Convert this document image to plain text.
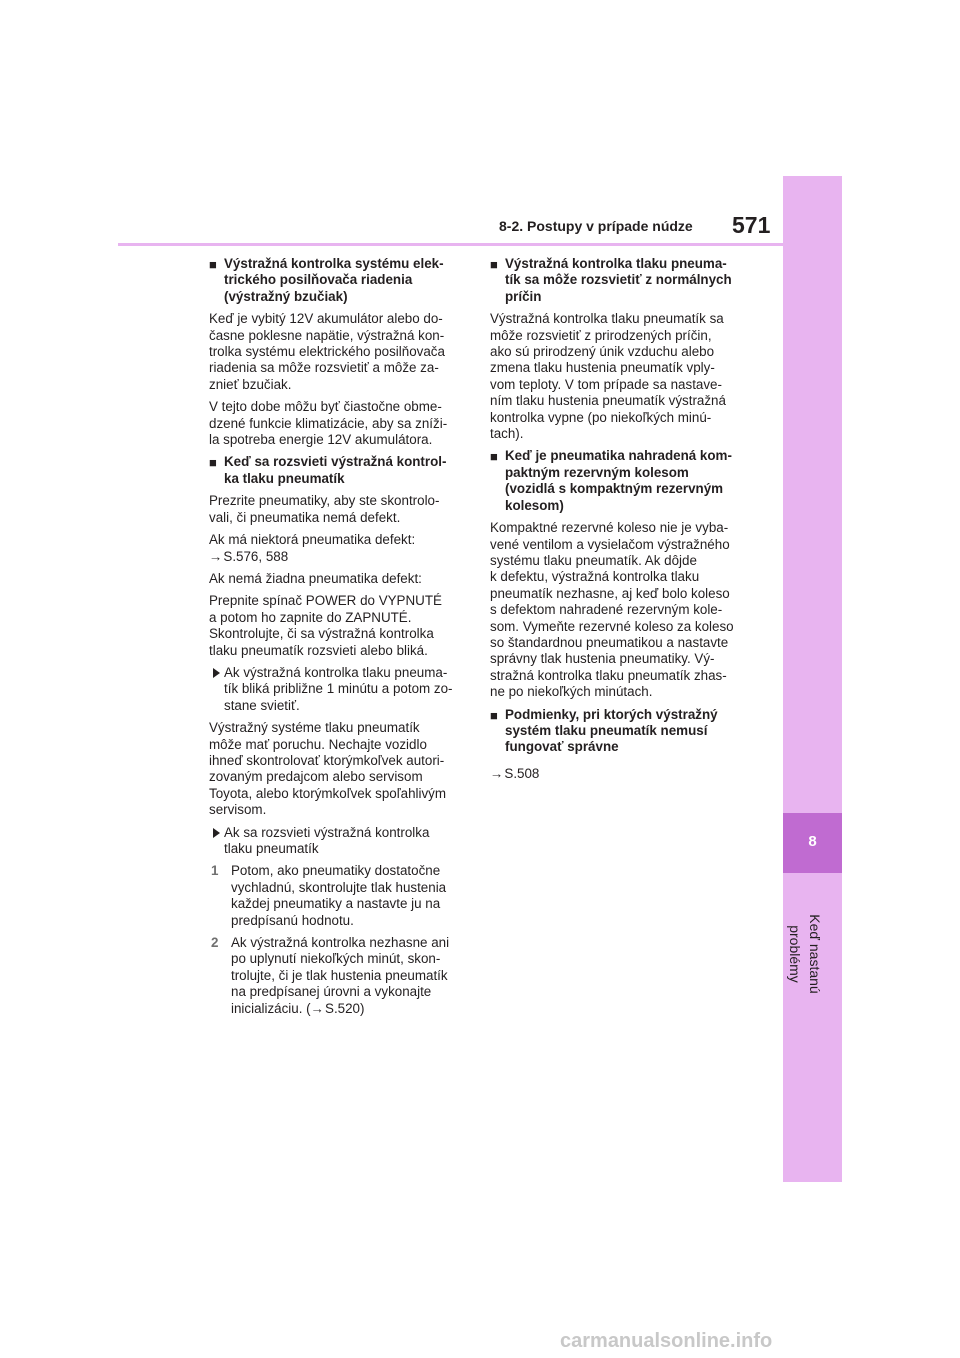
8
Keď nastanú problémy
8-2. Postupy v prípade núdze 571
■ Výstražná kontrolka systému elek-
trického posilňovača riadenia
(výstražný bzučiak)

Keď je vybitý 12V akumulátor alebo do-
časne poklesne napätie, výstražná kon-
trolka systému elektrického posilňovača
riadenia sa môže rozsvietiť a môže za-
znieť bzučiak.

V tejto dobe môžu byť čiastočne obme-
dzené funkcie klimatizácie, aby sa zníži-
la spotreba energie 12V akumulátora.

■ Keď sa rozsvieti výstražná kontrol-
ka tlaku pneumatík

Prezrite pneumatiky, aby ste skontrolo-
vali, či pneumatika nemá defekt.

Ak má niektorá pneumatika defekt:
→S.576, 588

Ak nemá žiadna pneumatika defekt:

Prepnite spínač POWER do VYPNUTÉ
a potom ho zapnite do ZAPNUTÉ.
Skontrolujte, či sa výstražná kontrolka
tlaku pneumatík rozsvieti alebo bliká.

Ak výstražná kontrolka tlaku pneuma-
tík bliká približne 1 minútu a potom zo-
stane svietiť.

Výstražný systéme tlaku pneumatík
môže mať poruchu. Nechajte vozidlo
ihneď skontrolovať ktorýmkoľvek autori-
zovaným predajcom alebo servisom
Toyota, alebo ktorýmkoľvek spoľahlivým
servisom.

Ak sa rozsvieti výstražná kontrolka
tlaku pneumatík
1 Potom, ako pneumatiky dostatočne
vychladnú, skontrolujte tlak hustenia
každej pneumatiky a nastavte ju na
predpísanú hodnotu.
2 Ak výstražná kontrolka nezhasne ani
po uplynutí niekoľkých minút, skon-
trolujte, či je tlak hustenia pneumatík
na predpísanej úrovni a vykonajte
inicializáciu. (→S.520)
■ Výstražná kontrolka tlaku pneuma-
tík sa môže rozsvietiť z normálnych
príčin

Výstražná kontrolka tlaku pneumatík sa
môže rozsvietiť z prirodzených príčin,
ako sú prirodzený únik vzduchu alebo
zmena tlaku hustenia pneumatík vply-
vom teploty. V tom prípade sa nastave-
ním tlaku hustenia pneumatík výstražná
kontrolka vypne (po niekoľkých minú-
tach).

■ Keď je pneumatika nahradená kom-
paktným rezervným kolesom
(vozidlá s kompaktným rezervným
kolesom)

Kompaktné rezervné koleso nie je vyba-
vené ventilom a vysielačom výstražného
systému tlaku pneumatík. Ak dôjde
k defektu, výstražná kontrolka tlaku
pneumatík nezhasne, aj keď bolo koleso
s defektom nahradené rezervným kole-
som. Vymeňte rezervné koleso za koleso
so štandardnou pneumatikou a nastavte
správny tlak hustenia pneumatiky. Vý-
stražná kontrolka tlaku pneumatík zhas-
ne po niekoľkých minútach.

■ Podmienky, pri ktorých výstražný
systém tlaku pneumatík nemusí
fungovať správne

→S.508

carmanualsonline.info
